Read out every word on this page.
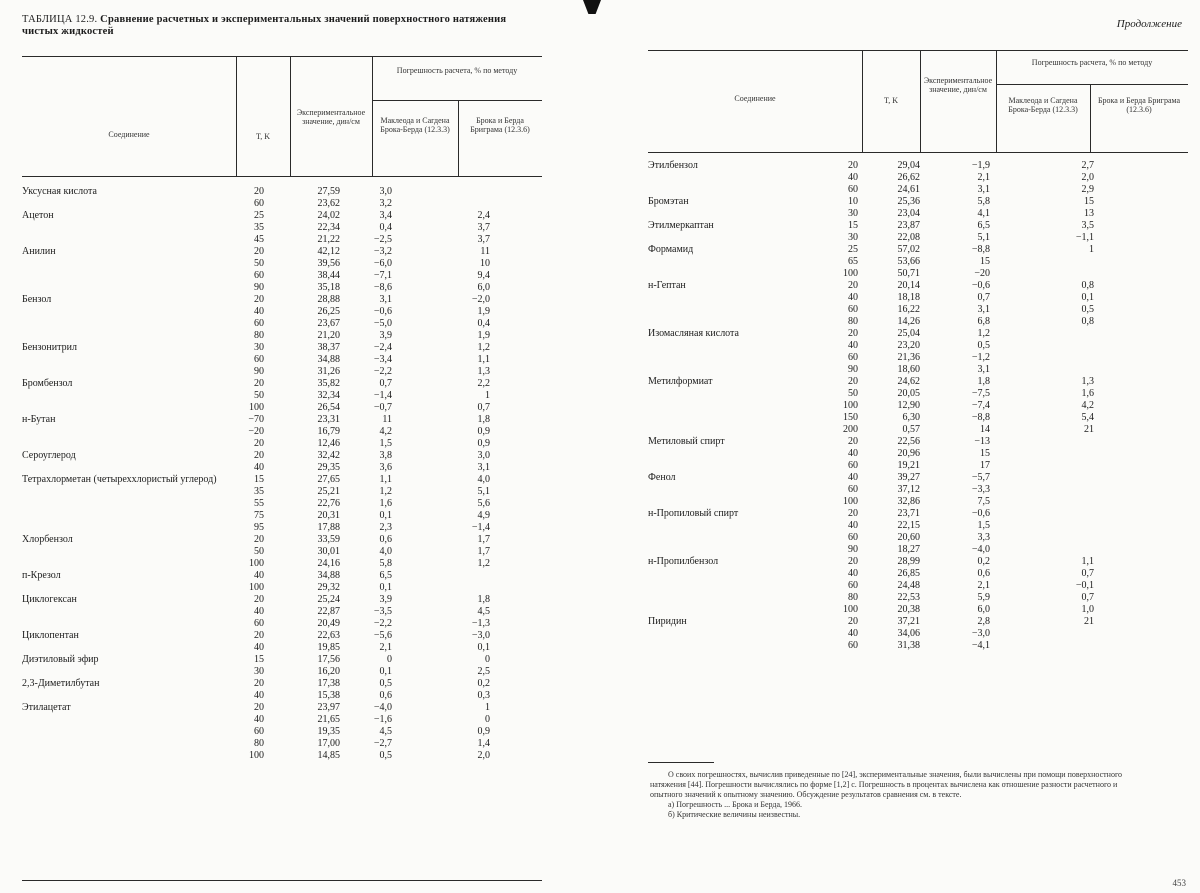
ТАБЛИЦА 12.9. Сравнение расчетных и экспериментальных значений поверхностного натяжения чистых жидкостей
Соединение	T, K
Экспериментальное значение, дин/см
Погрешность расчета, % по методу
Маклеода и Сагдена Брока-Берда (12.3.3)
Брока и Берда Бриграма (12.3.6)
Уксусная кислота	20	27,59	3,0
60	23,62	3,2
Ацетон	25	24,02	3,4	2,4
35	22,34	0,4	3,7
45	21,22	−2,5	3,7
Анилин	20	42,12	−3,2	11
50	39,56	−6,0	10
60	38,44	−7,1	9,4
90	35,18	−8,6	6,0
Бензол	20	28,88	3,1	−2,0
40	26,25	−0,6	1,9
60	23,67	−5,0	0,4
80	21,20	3,9	1,9
Бензонитрил	30	38,37	−2,4	1,2
60	34,88	−3,4	1,1
90	31,26	−2,2	1,3
Бромбензол	20	35,82	0,7	2,2
50	32,34	−1,4	1
100	26,54	−0,7	0,7
н-Бутан	−70	23,31	11	1,8
−20	16,79	4,2	0,9
20	12,46	1,5	0,9
Сероуглерод	20	32,42	3,8	3,0
40	29,35	3,6	3,1
Тетрахлорметан (четыреххлористый углерод)	15	27,65	1,1	4,0
35	25,21	1,2	5,1
55	22,76	1,6	5,6
75	20,31	0,1	4,9
95	17,88	2,3	−1,4
Хлорбензол	20	33,59	0,6	1,7
50	30,01	4,0	1,7
100	24,16	5,8	1,2
п-Крезол	40	34,88	6,5
100	29,32	0,1
Циклогексан	20	25,24	3,9	1,8
40	22,87	−3,5	4,5
60	20,49	−2,2	−1,3
Циклопентан	20	22,63	−5,6	−3,0
40	19,85	2,1	0,1
Диэтиловый эфир	15	17,56	0	0
30	16,20	0,1	2,5
2,3-Диметилбутан	20	17,38	0,5	0,2
40	15,38	0,6	0,3
Этилацетат	20	23,97	−4,0	1
40	21,65	−1,6	0
60	19,35	4,5	0,9
80	17,00	−2,7	1,4
100	14,85	0,5	2,0
Продолжение
Соединение	T, K
Экспериментальное значение, дин/см
Погрешность расчета, % по методу
Маклеода и Сагдена Брока-Берда (12.3.3)
Брока и Берда Бриграма (12.3.6)
Этилбензол	20	29,04	−1,9	2,7
40	26,62	2,1	2,0
60	24,61	3,1	2,9
Бромэтан	10	25,36	5,8	15
30	23,04	4,1	13
Этилмеркаптан	15	23,87	6,5	3,5
30	22,08	5,1	−1,1
Формамид	25	57,02	−8,8	1
65	53,66	15
100	50,71	−20
н-Гептан	20	20,14	−0,6	0,8
40	18,18	0,7	0,1
60	16,22	3,1	0,5
80	14,26	6,8	0,8
Изомасляная кислота	20	25,04	1,2
40	23,20	0,5
60	21,36	−1,2
90	18,60	3,1
Метилформиат	20	24,62	1,8	1,3
50	20,05	−7,5	1,6
100	12,90	−7,4	4,2
150	6,30	−8,8	5,4
200	0,57	14	21
Метиловый спирт	20	22,56	−13
40	20,96	15
60	19,21	17
Фенол	40	39,27	−5,7
60	37,12	−3,3
100	32,86	7,5
н-Пропиловый спирт	20	23,71	−0,6
40	22,15	1,5
60	20,60	3,3
90	18,27	−4,0
н-Пропилбензол	20	28,99	0,2	1,1
40	26,85	0,6	0,7
60	24,48	2,1	−0,1
80	22,53	5,9	0,7
100	20,38	6,0	1,0
Пиридин	20	37,21	2,8	21
40	34,06	−3,0
60	31,38	−4,1

О своих погрешностях, вычислив приведенные по [24], экспериментальные значения, были вычислены при помощи поверхностного натяжения [44]. Погрешности вычислялись по форме [1,2] с. Погрешность в процентах вычислена как отношение разности расчетного и опытного значений к опытному значению. Обсуждение результатов сравнения см. в тексте.

а) Погрешность ... Брока и Берда, 1966.

б) Критические величины неизвестны.

453
